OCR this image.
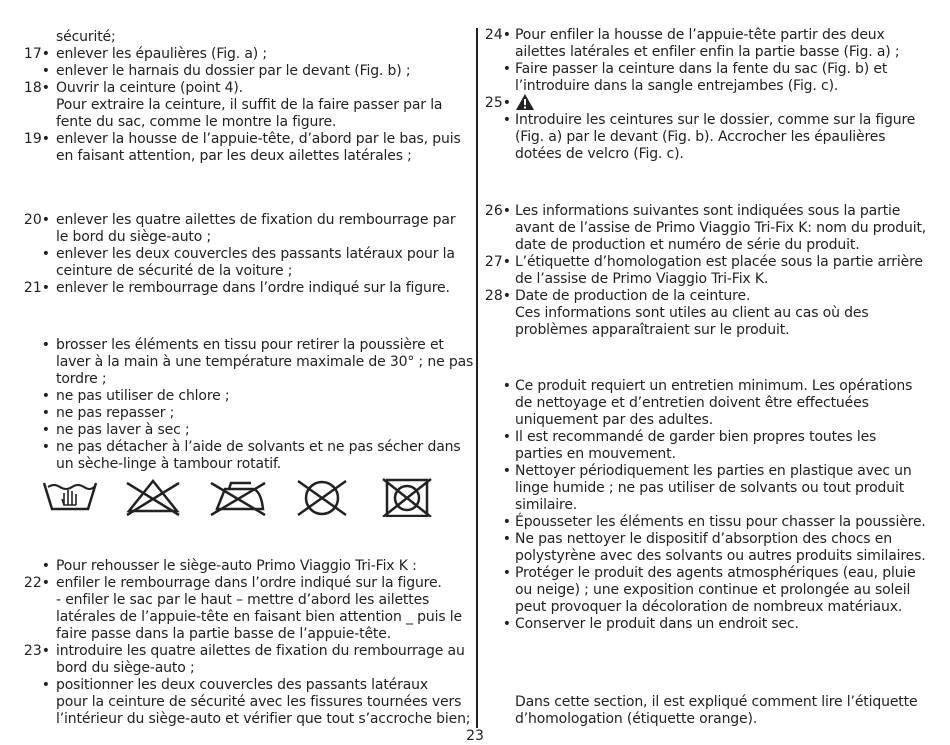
sécurité;
17• enlever les épaulières (Fig. a) ;
• enlever le harnais du dossier par le devant (Fig. b) ;
18• Ouvrir la ceinture (point 4).
Pour extraire la ceinture, il suffit de la faire passer par la
fente du sac, comme le montre la figure.
19• enlever la housse de l’appuie-tête, d’abord par le bas, puis
en faisant attention, par les deux ailettes latérales ;
20• enlever les quatre ailettes de fixation du rembourrage par
le bord du siège-auto ;
• enlever les deux couvercles des passants latéraux pour la
ceinture de sécurité de la voiture ;
21• enlever le rembourrage dans l’ordre indiqué sur la figure.
• brosser les éléments en tissu pour retirer la poussière et
laver à la main à une température maximale de 30° ; ne pas
tordre ;
• ne pas utiliser de chlore ;
• ne pas repasser ;
• ne pas laver à sec ;
• ne pas détacher à l’aide de solvants et ne pas sécher dans
un sèche-linge à tambour rotatif.
• Pour rehousser le siège-auto Primo Viaggio Tri-Fix K :
22• enfiler le rembourrage dans l’ordre indiqué sur la figure.
- enfiler le sac par le haut – mettre d’abord les ailettes
latérales de l’appuie-tête en faisant bien attention _ puis le
faire passe dans la partie basse de l’appuie-tête.
23• introduire les quatre ailettes de fixation du rembourrage au
bord du siège-auto ;
• positionner les deux couvercles des passants latéraux
pour la ceinture de sécurité avec les fissures tournées vers
l’intérieur du siège-auto et vérifier que tout s’accroche bien;
24• Pour enfiler la housse de l’appuie-tête partir des deux
ailettes latérales et enfiler enfin la partie basse (Fig. a) ;
• Faire passer la ceinture dans la fente du sac (Fig. b) et
l’introduire dans la sangle entrejambes (Fig. c).
25•
• Introduire les ceintures sur le dossier, comme sur la figure
(Fig. a) par le devant (Fig. b). Accrocher les épaulières
dotées de velcro (Fig. c).
26• Les informations suivantes sont indiquées sous la partie
avant de l’assise de Primo Viaggio Tri-Fix K: nom du produit,
date de production et numéro de série du produit.
27• L’étiquette d’homologation est placée sous la partie arrière
de l’assise de Primo Viaggio Tri-Fix K.
28• Date de production de la ceinture.
Ces informations sont utiles au client au cas où des
problèmes apparaîtraient sur le produit.
• Ce produit requiert un entretien minimum. Les opérations
de nettoyage et d’entretien doivent être effectuées
uniquement par des adultes.
• Il est recommandé de garder bien propres toutes les
parties en mouvement.
• Nettoyer périodiquement les parties en plastique avec un
linge humide ; ne pas utiliser de solvants ou tout produit
similaire.
• Épousseter les éléments en tissu pour chasser la poussière.
• Ne pas nettoyer le dispositif d’absorption des chocs en
polystyrène avec des solvants ou autres produits similaires.
• Protéger le produit des agents atmosphériques (eau, pluie
ou neige) ; une exposition continue et prolongée au soleil
peut provoquer la décoloration de nombreux matériaux.
• Conserver le produit dans un endroit sec.
Dans cette section, il est expliqué comment lire l’étiquette
d’homologation (étiquette orange).
23
